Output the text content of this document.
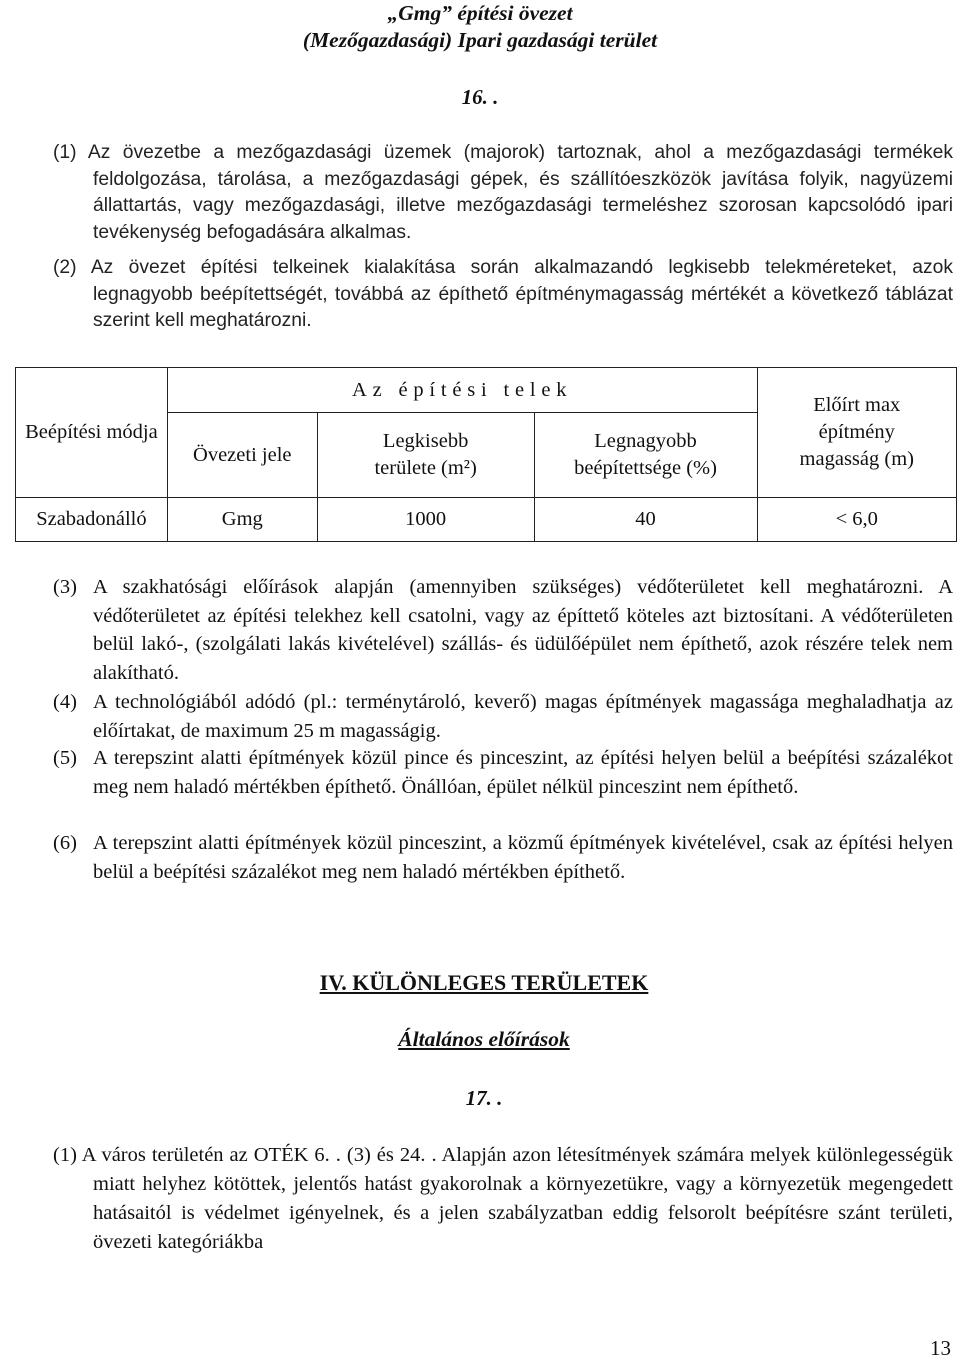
„Gmg” építési övezet
(Mezőgazdasági) Ipari gazdasági terület
16. .
(1) Az övezetbe a mezőgazdasági üzemek (majorok) tartoznak, ahol a mezőgazdasági termékek feldolgozása, tárolása, a mezőgazdasági gépek, és szállítóeszközök javítása folyik, nagyüzemi állattartás, vagy mezőgazdasági, illetve mezőgazdasági termeléshez szorosan kapcsolódó ipari tevékenység befogadására alkalmas.
(2) Az övezet építési telkeinek kialakítása során alkalmazandó legkisebb telekméreteket, azok legnagyobb beépítettségét, továbbá az építhető építménymagasság mértékét a következő táblázat szerint kell meghatározni.
Beépítési módja	Az építési telek			Előírt max építmény magasság (m)
	Övezeti jele	Legkisebb területe (m²)	Legnagyobb beépítettsége (%)	
Szabadonálló	Gmg	1000	40	< 6,0
(3) A szakhatósági előírások alapján (amennyiben szükséges) védőterületet kell meghatározni. A védőterületet az építési telekhez kell csatolni, vagy az építtető köteles azt biztosítani. A védőterületen belül lakó-, (szolgálati lakás kivételével) szállás- és üdülőépület nem építhető, azok részére telek nem alakítható.
(4) A technológiából adódó (pl.: terménytároló, keverő) magas építmények magassága meghaladhatja az előírtakat, de maximum 25 m magasságig.
(5) A terepszint alatti építmények közül pince és pinceszint, az építési helyen belül a beépítési százalékot meg nem haladó mértékben építhető. Önállóan, épület nélkül pinceszint nem építhető.
(6) A terepszint alatti építmények közül pinceszint, a közmű építmények kivételével, csak az építési helyen belül a beépítési százalékot meg nem haladó mértékben építhető.
IV. KÜLÖNLEGES TERÜLETEK
Általános előírások
17. .
(1) A város területén az OTÉK 6. . (3) és 24. . Alapján azon létesítmények számára melyek különlegességük miatt helyhez kötöttek, jelentős hatást gyakorolnak a környezetükre, vagy a környezetük megengedett hatásaitól is védelmet igényelnek, és a jelen szabályzatban eddig felsorolt beépítésre szánt területi, övezeti kategóriákba
13
